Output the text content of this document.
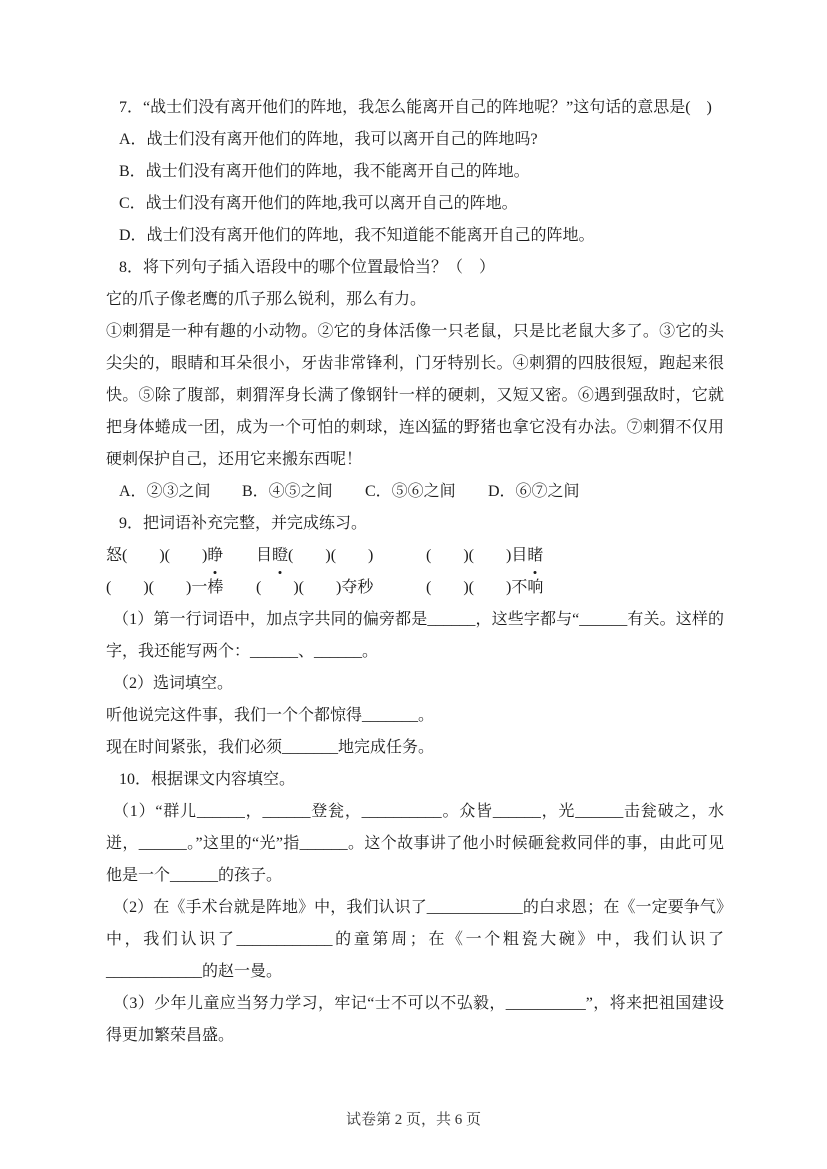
7．“战士们没有离开他们的阵地，我怎么能离开自己的阵地呢？”这句话的意思是(　)

A．战士们没有离开他们的阵地，我可以离开自己的阵地吗?

B．战士们没有离开他们的阵地，我不能离开自己的阵地。

C．战士们没有离开他们的阵地,我可以离开自己的阵地。

D．战士们没有离开他们的阵地，我不知道能不能离开自己的阵地。

8．将下列句子插入语段中的哪个位置最恰当？（　）

它的爪子像老鹰的爪子那么锐利，那么有力。

①刺猬是一种有趣的小动物。②它的身体活像一只老鼠，只是比老鼠大多了。③它的头尖尖的，眼睛和耳朵很小，牙齿非常锋利，门牙特别长。④刺猬的四肢很短，跑起来很快。⑤除了腹部，刺猬浑身长满了像钢针一样的硬刺，又短又密。⑥遇到强敌时，它就把身体蜷成一团，成为一个可怕的刺球，连凶猛的野猪也拿它没有办法。⑦刺猬不仅用硬刺保护自己，还用它来搬东西呢！

A．②③之间	B．④⑤之间	C．⑤⑥之间	D．⑥⑦之间

9．把词语补充完整，并完成练习。

怒(　　)(　　)睁	目瞪(　　)(　　)	(　　)(　　)目睹
(　　)(　　)一棒	(　　)(　　)夺秒	(　　)(　　)不响

（1）第一行词语中，加点字共同的偏旁都是______，这些字都与“______有关。这样的字，我还能写两个：______、______。

（2）选词填空。

听他说完这件事，我们一个个都惊得_______。

现在时间紧张，我们必须_______地完成任务。

10．根据课文内容填空。

（1）“群儿______，______登瓮，__________。众皆______，光______击瓮破之，水迸，______。”这里的“光”指______。这个故事讲了他小时候砸瓮救同伴的事，由此可见他是一个______的孩子。

（2）在《手术台就是阵地》中，我们认识了____________的白求恩；在《一定要争气》中，我们认识了____________的童第周；在《一个粗瓷大碗》中，我们认识了____________的赵一曼。

（3）少年儿童应当努力学习，牢记“士不可以不弘毅，__________”，将来把祖国建设得更加繁荣昌盛。

试卷第 2 页，共 6 页
